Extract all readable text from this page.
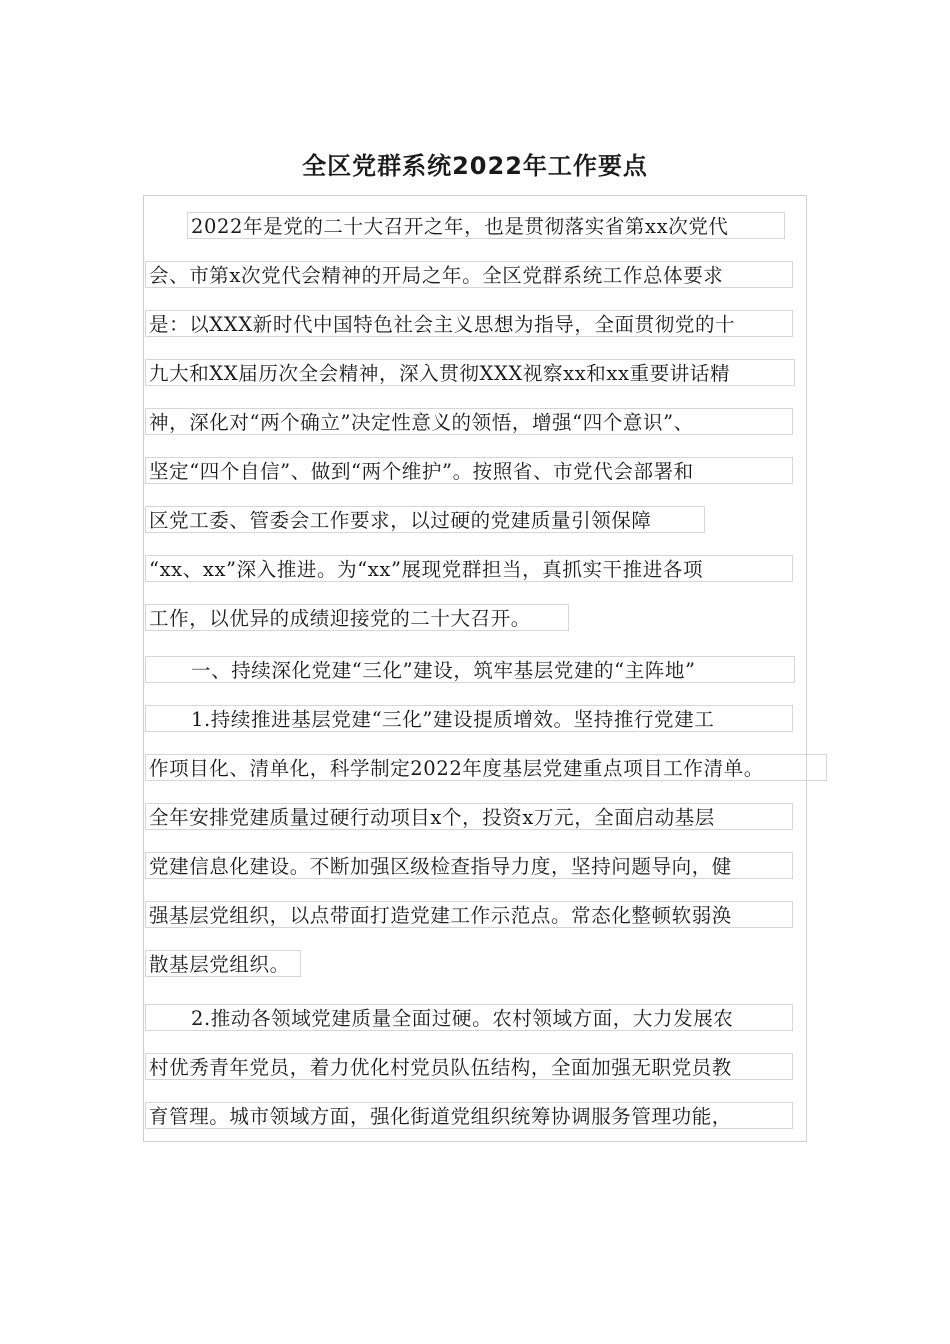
全区党群系统2022年工作要点
2022年是党的二十大召开之年，也是贯彻落实省第xx次党代
会、市第x次党代会精神的开局之年。全区党群系统工作总体要求
是：以XXX新时代中国特色社会主义思想为指导，全面贯彻党的十
九大和XX届历次全会精神，深入贯彻XXX视察xx和xx重要讲话精
神，深化对“两个确立”决定性意义的领悟，增强“四个意识”、
坚定“四个自信”、做到“两个维护”。按照省、市党代会部署和
区党工委、管委会工作要求，以过硬的党建质量引领保障
“xx、xx”深入推进。为“xx”展现党群担当，真抓实干推进各项
工作，以优异的成绩迎接党的二十大召开。
一、持续深化党建“三化”建设，筑牢基层党建的“主阵地”
1.持续推进基层党建“三化”建设提质增效。坚持推行党建工
作项目化、清单化，科学制定2022年度基层党建重点项目工作清单。
全年安排党建质量过硬行动项目x个，投资x万元，全面启动基层
党建信息化建设。不断加强区级检查指导力度，坚持问题导向，健
强基层党组织，以点带面打造党建工作示范点。常态化整顿软弱涣
散基层党组织。
2.推动各领域党建质量全面过硬。农村领域方面，大力发展农
村优秀青年党员，着力优化村党员队伍结构，全面加强无职党员教
育管理。城市领域方面，强化街道党组织统筹协调服务管理功能，
